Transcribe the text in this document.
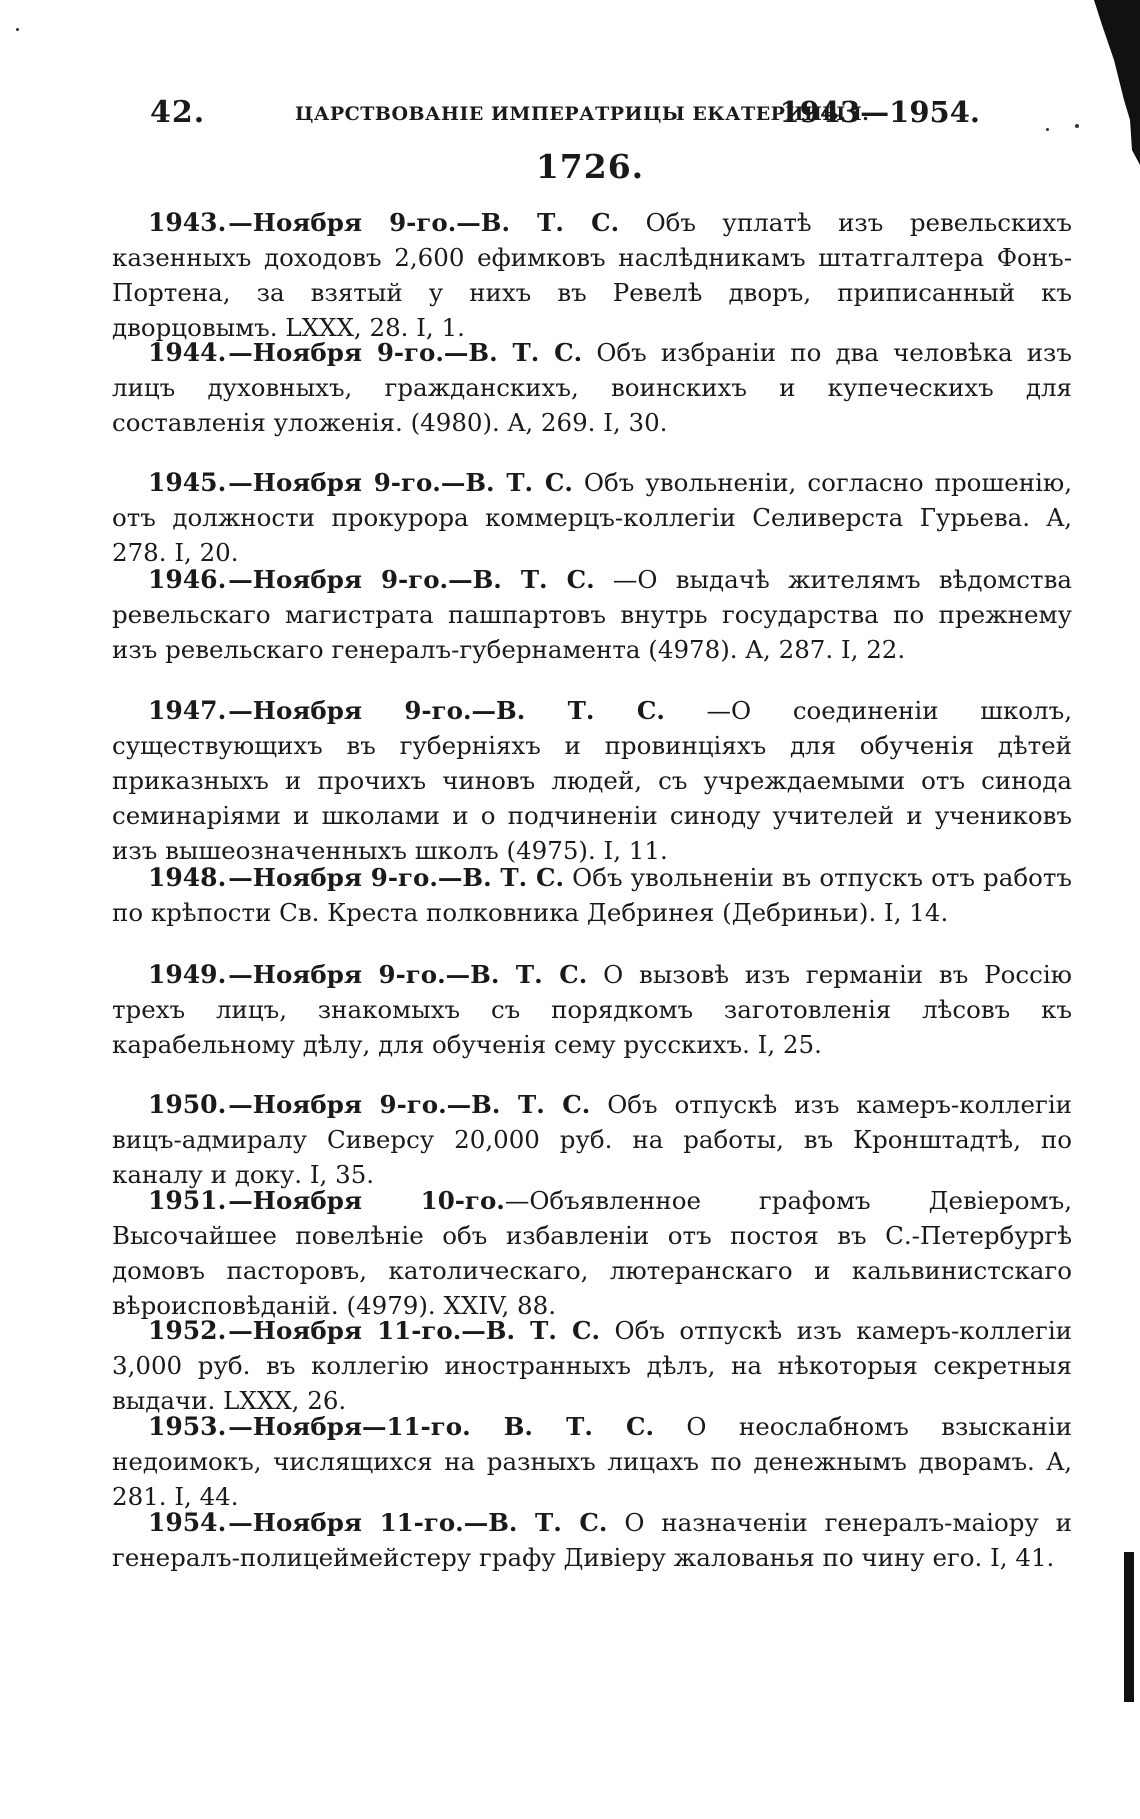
42.	ЦАРСТВОВАНІЕ ИМПЕРАТРИЦЫ ЕКАТЕРИНЫ I.
1943—1954.
1726.
1943.—Ноября 9-го.—В. Т. С. Объ уплатѣ изъ ревельскихъ казенныхъ доходовъ 2,600 ефимковъ наслѣдникамъ штатгалтера Фонъ-Портена, за взятый у нихъ въ Ревелѣ дворъ, приписанный къ дворцовымъ. LXXX, 28. I, 1.
1944.—Ноября 9-го.—В. Т. С. Объ избраніи по два человѣка изъ лицъ духовныхъ, гражданскихъ, воинскихъ и купеческихъ для составленія уложенія. (4980). A, 269. I, 30.
1945.—Ноября 9-го.—В. Т. С. Объ увольненіи, согласно прошенію, отъ должности прокурора коммерцъ-коллегіи Селиверста Гурьева. A, 278. I, 20.
1946.—Ноября 9-го.—В. Т. С. —О выдачѣ жителямъ вѣдомства ревельскаго магистрата пашпартовъ внутрь государства по прежнему изъ ревельскаго генералъ-губернамента (4978). A, 287. I, 22.
1947.—Ноября 9-го.—В. Т. С. —О соединеніи школъ, существующихъ въ губерніяхъ и провинціяхъ для обученія дѣтей приказныхъ и прочихъ чиновъ людей, съ учреждаемыми отъ синода семинаріями и школами и о подчиненіи синоду учителей и учениковъ изъ вышеозначенныхъ школъ (4975). I, 11.
1948.—Ноября 9-го.—В. Т. С. Объ увольненіи въ отпускъ отъ работъ по крѣпости Св. Креста полковника Дебринея (Дебриньи). I, 14.
1949.—Ноября 9-го.—В. Т. С. О вызовѣ изъ германіи въ Россію трехъ лицъ, знакомыхъ съ порядкомъ заготовленія лѣсовъ къ карабельному дѣлу, для обученія сему русскихъ. I, 25.
1950.—Ноября 9-го.—В. Т. С. Объ отпускѣ изъ камеръ-коллегіи вицъ-адмиралу Сиверсу 20,000 руб. на работы, въ Кронштадтѣ, по каналу и доку. I, 35.
1951.—Ноября 10-го.—Объявленное графомъ Девіеромъ, Высочайшее повелѣніе объ избавленіи отъ постоя въ С.-Петербургѣ домовъ пасторовъ, католическаго, лютеранскаго и кальвинистскаго вѣроисповѣданій. (4979). XXIV, 88.
1952.—Ноября 11-го.—В. Т. С. Объ отпускѣ изъ камеръ-коллегіи 3,000 руб. въ коллегію иностранныхъ дѣлъ, на нѣкоторыя секретныя выдачи. LXXX, 26.
1953.—Ноября—11-го. В. Т. С. О неослабномъ взысканіи недоимокъ, числящихся на разныхъ лицахъ по денежнымъ дворамъ. A, 281. I, 44.
1954.—Ноября 11-го.—В. Т. С. О назначеніи генералъ-маіору и генералъ-полицеймейстеру графу Дивіеру жалованья по чину его. I, 41.
